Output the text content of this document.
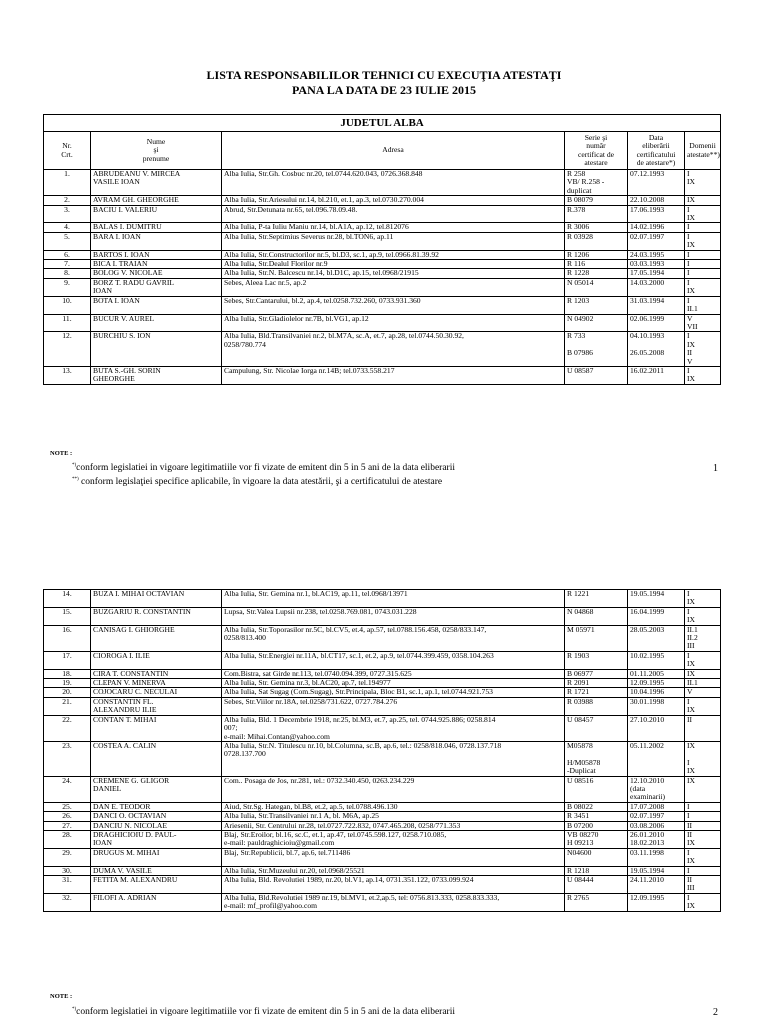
LISTA RESPONSABILILOR TEHNICI CU EXECUŢIA ATESTAŢI
PANA LA DATA DE 23 IULIE 2015
JUDETUL ALBA					

Nr.
Crt.	Nume
şi
prenume	Adresa	Serie şi
număr
certificat de
atestare	Data
eliberării
certificatului
de atestare*)	Domenii
atestate**)

1.	ABRUDEANU V. MIRCEA
VASILE IOAN	Alba Iulia, Str.Gh. Cosbuc nr.20, tel.0744.620.043, 0726.368.848	R 258
VB/ R.258 -
duplicat	07.12.1993	I
IX

2.	AVRAM GH. GHEORGHE	Alba Iulia, Str.Ariesului nr.14, bl.210, et.1, ap.3, tel.0730.270.004	B 08079	22.10.2008	IX

3.	BACIU I. VALERIU	Abrud, Str.Detunata nr.65, tel.096.78.09.48.	R.378	17.06.1993	I
IX

4.	BALAS I. DUMITRU	Alba Iulia, P-ta Iuliu Maniu nr.14, bl.A1A, ap.12, tel.812076	R 3006	14.02.1996	I

5.	BARA I. IOAN	Alba Iulia, Str.Septimius Severus nr.28, bl.TON6, ap.11	R 03928	02.07.1997	I
IX

6.	BARTOS I. IOAN	Alba Iulia, Str.Constructorilor nr.5, bl.D3, sc.1, ap.9, tel.0966.81.39.92	R 1206	24.03.1995	I

7.	BICA I. TRAIAN	Alba Iulia, Str.Dealul Florilor nr.9	R 116	03.03.1993	I

8.	BOLOG V. NICOLAE	Alba Iulia, Str.N. Balcescu nr.14, bl.D1C, ap.15, tel.0968/21915	R 1228	17.05.1994	I

9.	BORZ T. RADU GAVRIL
IOAN	Sebes, Aleea Lac nr.5, ap.2	N 05014	14.03.2000	I
IX

10.	BOTA I. IOAN	Sebes, Str.Cantarului, bl.2, ap.4, tel.0258.732.260, 0733.931.360	R 1203	31.03.1994	I
II.1

11.	BUCUR V. AUREL	Alba Iulia, Str.Gladiolelor nr.7B, bl.VG1, ap.12	N 04902	02.06.1999	V
VII

12.	BURCHIU S. ION	Alba Iulia, Bld.Transilvaniei nr.2, bl.M7A, sc.A, et.7, ap.28, tel.0744.50.30.92,
0258/780.774	R 733

B 07986	04.10.1993

26.05.2008	I
IX
II
V

13.	BUTA S.-GH. SORIN
GHEORGHE	Campulung, Str. Nicolae Iorga nr.14B; tel.0733.558.217	U 08587	16.02.2011	I
IX
NOTE :
*)conform legislatiei in vigoare legitimatiile vor fi vizate de emitent din 5 in 5 ani de la data eliberarii
**) conform legislaţiei specifice aplicabile, în vigoare la data atestării, şi a certificatului de atestare
1
14.	BUZA I. MIHAI OCTAVIAN	Alba Iulia, Str. Gemina nr.1, bl.AC19, ap.11, tel.0968/13971	R 1221	19.05.1994	I
IX

15.	BUZGARIU R. CONSTANTIN	Lupsa, Str.Valea Lupsii nr.238, tel.0258.769.081, 0743.031.228	N 04868	16.04.1999	I
IX

16.	CANISAG I. GHIORGHE	Alba Iulia, Str.Toporasilor nr.5C, bl.CV5, et.4, ap.57, tel.0788.156.458, 0258/833.147,
0258/813.400	M 05971	28.05.2003	II.1
II.2
III

17.	CIOROGA I. ILIE	Alba Iulia, Str.Energiei nr.11A, bl.CT17, sc.1, et.2, ap.9, tel.0744.399.459, 0358.104.263	R 1903	10.02.1995	I
IX

18.	CIRA T. CONSTANTIN	Com.Bistra, sat Girde nr.113, tel.0740.094.399, 0727.315.625	B 06977	01.11.2005	IX

19.	CLEPAN V. MINERVA	Alba Iulia, Str. Gemina nr.3, bl.AC20, ap.7, tel.194977	R 2091	12.09.1995	II.1

20.	COJOCARU C. NECULAI	Alba Iulia, Sat Sugag (Com.Sugag), Str.Principala, Bloc B1, sc.1, ap.1, tel.0744.921.753	R 1721	10.04.1996	V

21.	CONSTANTIN FL.
ALEXANDRU ILIE	Sebes, Str.Viilor nr.18A, tel.0258/731.622, 0727.784.276	R 03988	30.01.1998	I
IX

22.	CONTAN T. MIHAI	Alba Iulia, Bld. 1 Decembrie 1918, nr.25, bl.M3, et.7, ap.25, tel. 0744.925.886; 0258.814
007;
e-mail: Mihai.Contan@yahoo.com	U 08457	27.10.2010	II

23.	COSTEA A. CALIN	Alba Iulia, Str.N. Titulescu nr.10, bl.Columna, sc.B, ap.6, tel.: 0258/818.046, 0728.137.718
0728.137.700	M05878

H/M05878
-Duplicat	05.11.2002	IX

I
IX

24.	CREMENE G. GLIGOR
DANIEL	Com.. Posaga de Jos, nr.281, tel.: 0732.340.450, 0263.234.229	U 08516	12.10.2010
(data
examinarii)	IX

25.	DAN E. TEODOR	Aiud, Str.Sg. Hategan, bl.B8, et.2, ap.5, tel.0788.496.130	B 08022	17.07.2008	I

26.	DANCI O. OCTAVIAN	Alba Iulia, Str.Transilvaniei nr.1 A, bl. M6A, ap.25	R 3451	02.07.1997	I

27.	DANCIU N. NICOLAE	Ariesenii, Str. Centrului nr.28, tel.0727.722.832, 0747.465.208, 0258/771.353	B 07200	03.08.2006	II

28.	DRAGHICIOIU D. PAUL-
IOAN	Blaj, Str.Eroilor, bl.16, sc.C, et.1, ap.47, tel.0745.598.127, 0258.710.085,
e-mail: pauldraghicioiu@gmail.com	VB 08270
H 09213	26.01.2010
18.02.2013	II
IX

29.	DRUGUS M. MIHAI	Blaj, Str.Republicii, bl.7, ap.6, tel.711486	N04600	03.11.1998	I
IX

30.	DUMA V. VASILE	Alba Iulia, Str.Muzeului nr.20, tel.0968/25521	R 1218	19.05.1994	I

31.	FETITA M. ALEXANDRU	Alba Iulia, Bld. Revolutiei 1989, nr.20, bl.V1, ap.14, 0731.351.122, 0733.099.924	U 08444	24.11.2010	II
III

32.	FILOFI A. ADRIAN	Alba Iulia, Bld.Revolutiei 1989 nr.19, bl.MV1, et.2,ap.5, tel: 0756.813.333, 0258.833.333,
e-mail: mf_profil@yahoo.com	R 2765	12.09.1995	I
IX
NOTE :
*)conform legislatiei in vigoare legitimatiile vor fi vizate de emitent din 5 in 5 ani de la data eliberarii	2
